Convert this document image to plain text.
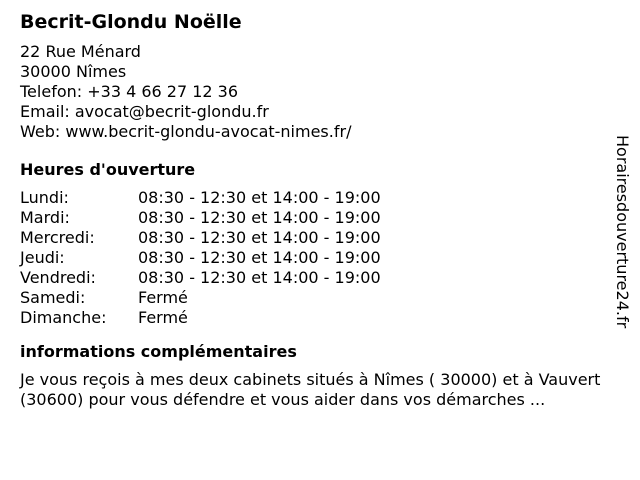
Becrit-Glondu Noëlle
22 Rue Ménard
30000 Nîmes
Telefon: +33 4 66 27 12 36
Email: avocat@becrit-glondu.fr
Web: www.becrit-glondu-avocat-nimes.fr/
Heures d'ouverture
Lundi:	08:30 - 12:30 et 14:00 - 19:00
Mardi:	08:30 - 12:30 et 14:00 - 19:00
Mercredi:	08:30 - 12:30 et 14:00 - 19:00
Jeudi:	08:30 - 12:30 et 14:00 - 19:00
Vendredi:	08:30 - 12:30 et 14:00 - 19:00
Samedi:	Fermé
Dimanche:	Fermé
informations complémentaires
Je vous reçois à mes deux cabinets situés à Nîmes ( 30000) et à Vauvert (30600) pour vous défendre et vous aider dans vos démarches ...
Horairesdouverture24.fr
